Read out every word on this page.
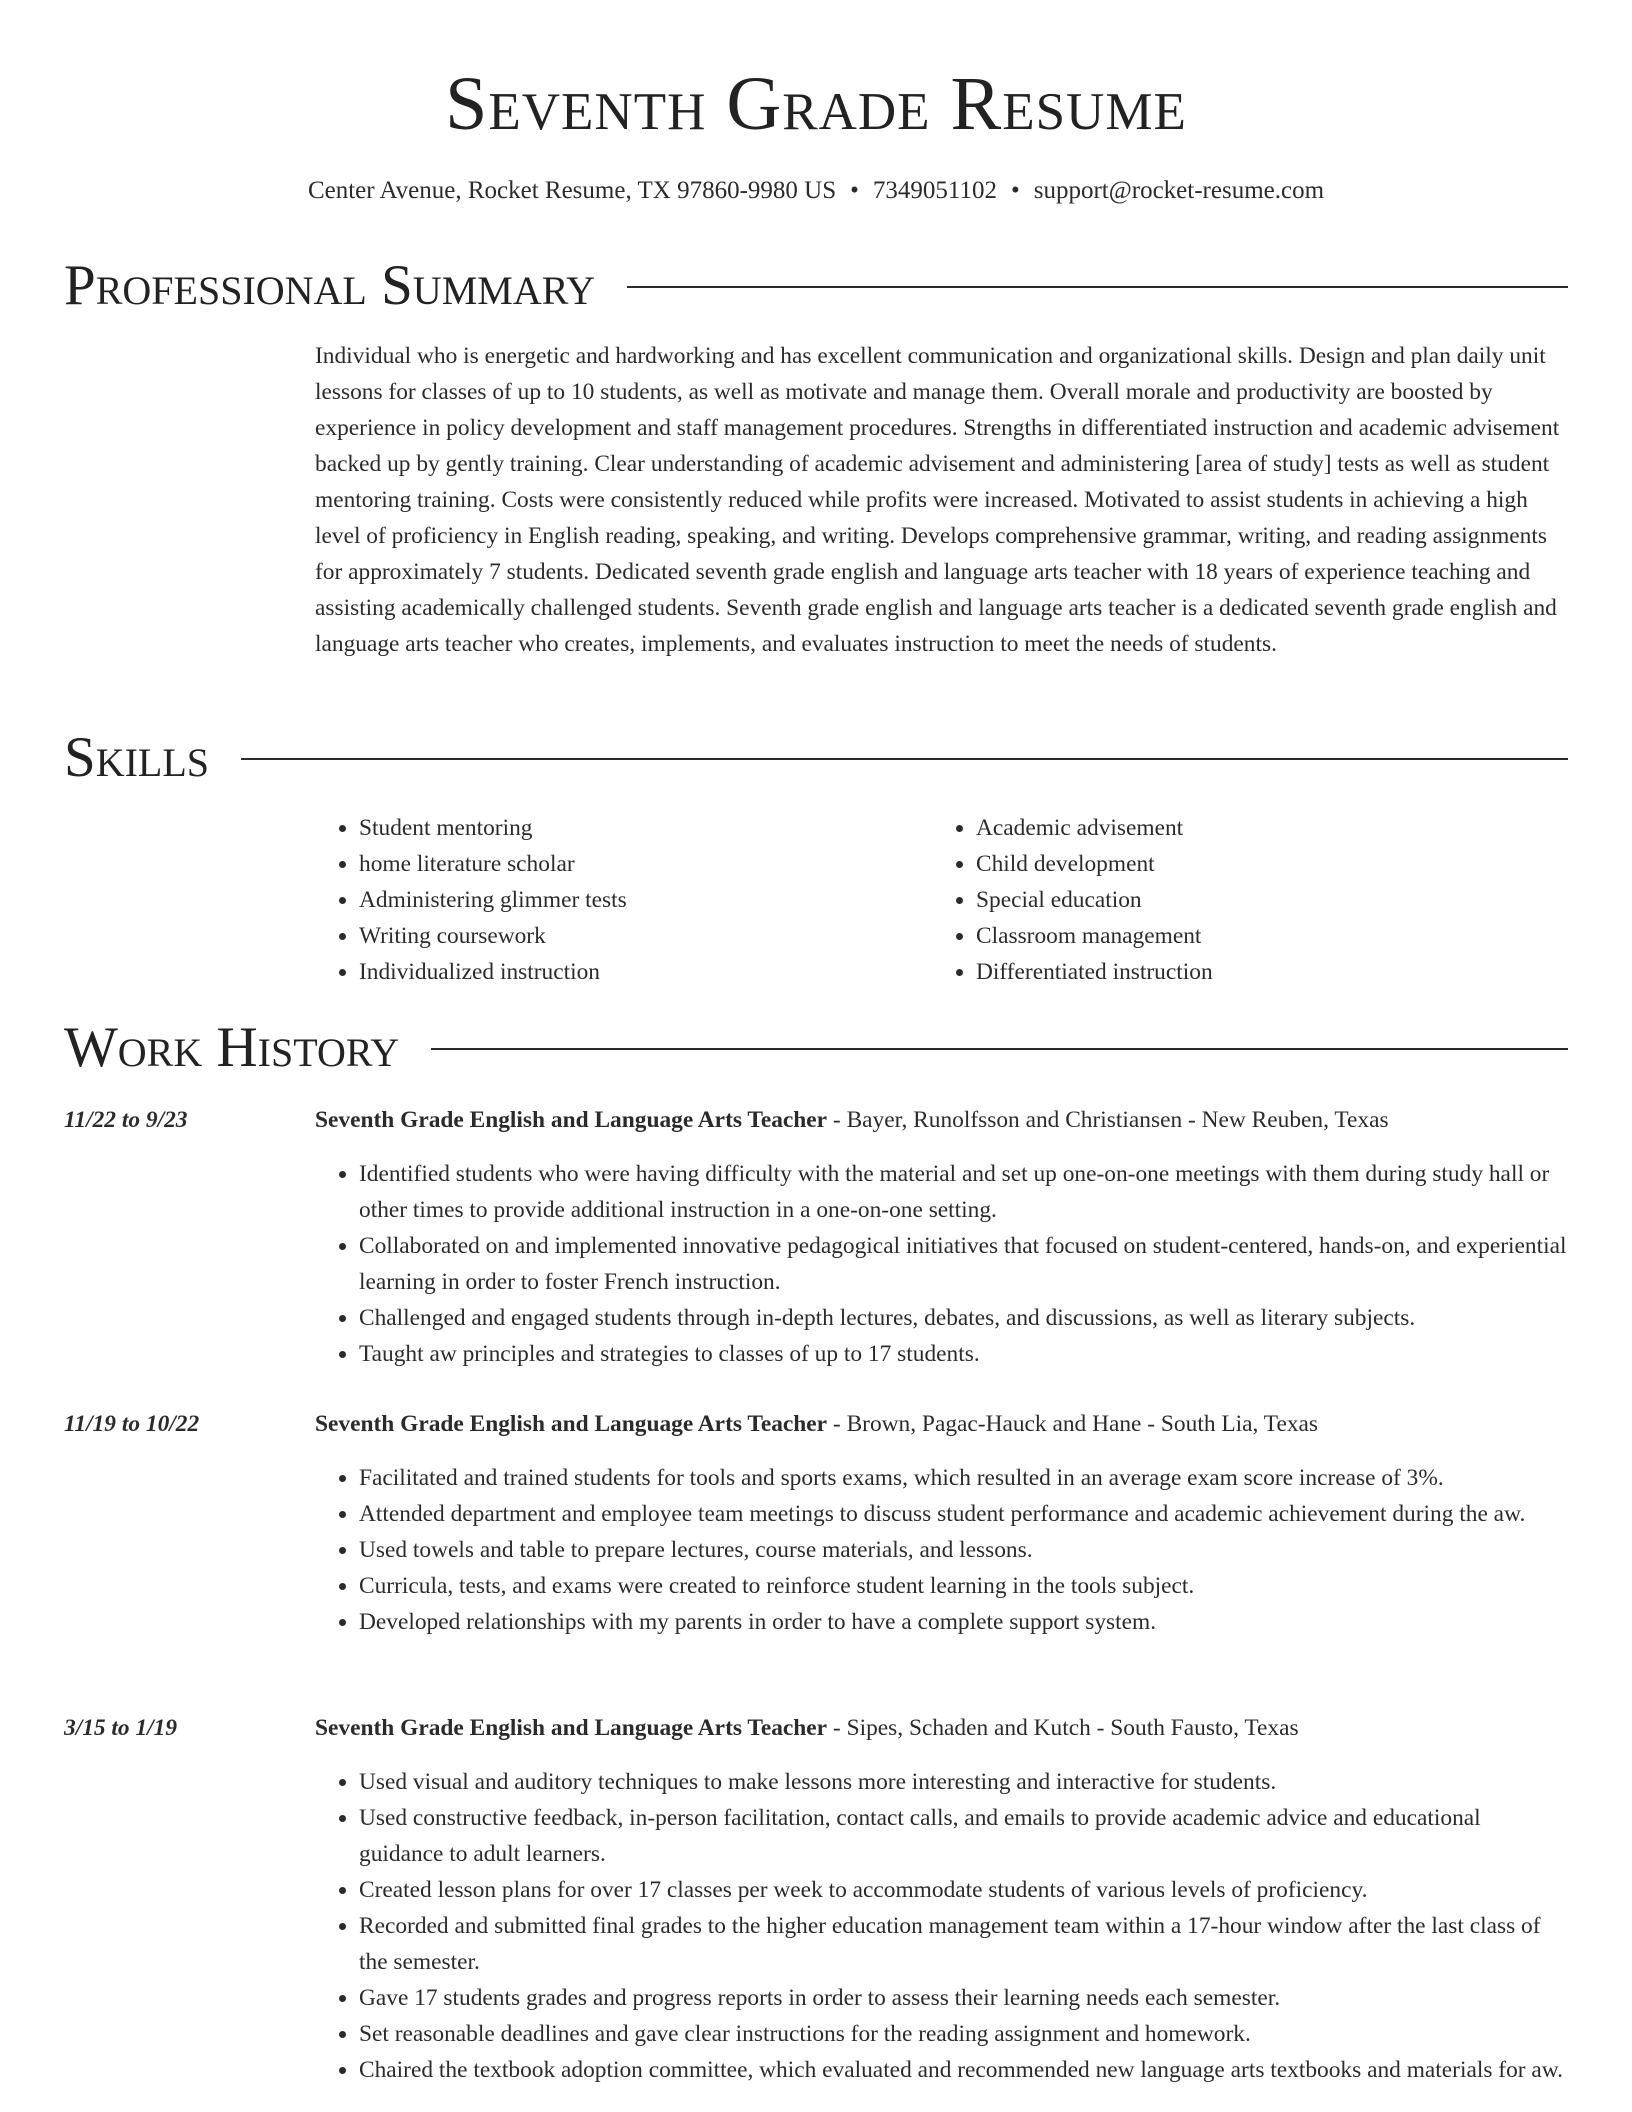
Seventh Grade Resume
Center Avenue, Rocket Resume, TX 97860-9980 US • 7349051102 • support@rocket-resume.com
Professional Summary

Individual who is energetic and hardworking and has excellent communication and organizational skills. Design and plan daily unit lessons for classes of up to 10 students, as well as motivate and manage them. Overall morale and productivity are boosted by experience in policy development and staff management procedures. Strengths in differentiated instruction and academic advisement backed up by gently training. Clear understanding of academic advisement and administering [area of study] tests as well as student mentoring training. Costs were consistently reduced while profits were increased. Motivated to assist students in achieving a high level of proficiency in English reading, speaking, and writing. Develops comprehensive grammar, writing, and reading assignments for approximately 7 students. Dedicated seventh grade english and language arts teacher with 18 years of experience teaching and assisting academically challenged students. Seventh grade english and language arts teacher is a dedicated seventh grade english and language arts teacher who creates, implements, and evaluates instruction to meet the needs of students.

Skills
• Student mentoring
• home literature scholar
• Administering glimmer tests
• Writing coursework
• Individualized instruction
• Academic advisement
• Child development
• Special education
• Classroom management
• Differentiated instruction
Work History
11/22 to 9/23	Seventh Grade English and Language Arts Teacher - Bayer, Runolfsson and Christiansen - New Reuben, Texas
• Identified students who were having difficulty with the material and set up one-on-one meetings with them during study hall or other times to provide additional instruction in a one-on-one setting.
• Collaborated on and implemented innovative pedagogical initiatives that focused on student-centered, hands-on, and experiential learning in order to foster French instruction.
• Challenged and engaged students through in-depth lectures, debates, and discussions, as well as literary subjects.
• Taught aw principles and strategies to classes of up to 17 students.
11/19 to 10/22	Seventh Grade English and Language Arts Teacher - Brown, Pagac-Hauck and Hane - South Lia, Texas
• Facilitated and trained students for tools and sports exams, which resulted in an average exam score increase of 3%.
• Attended department and employee team meetings to discuss student performance and academic achievement during the aw.
• Used towels and table to prepare lectures, course materials, and lessons.
• Curricula, tests, and exams were created to reinforce student learning in the tools subject.
• Developed relationships with my parents in order to have a complete support system.
3/15 to 1/19	Seventh Grade English and Language Arts Teacher - Sipes, Schaden and Kutch - South Fausto, Texas
• Used visual and auditory techniques to make lessons more interesting and interactive for students.
• Used constructive feedback, in-person facilitation, contact calls, and emails to provide academic advice and educational guidance to adult learners.
• Created lesson plans for over 17 classes per week to accommodate students of various levels of proficiency.
• Recorded and submitted final grades to the higher education management team within a 17-hour window after the last class of the semester.
• Gave 17 students grades and progress reports in order to assess their learning needs each semester.
• Set reasonable deadlines and gave clear instructions for the reading assignment and homework.
• Chaired the textbook adoption committee, which evaluated and recommended new language arts textbooks and materials for aw.
